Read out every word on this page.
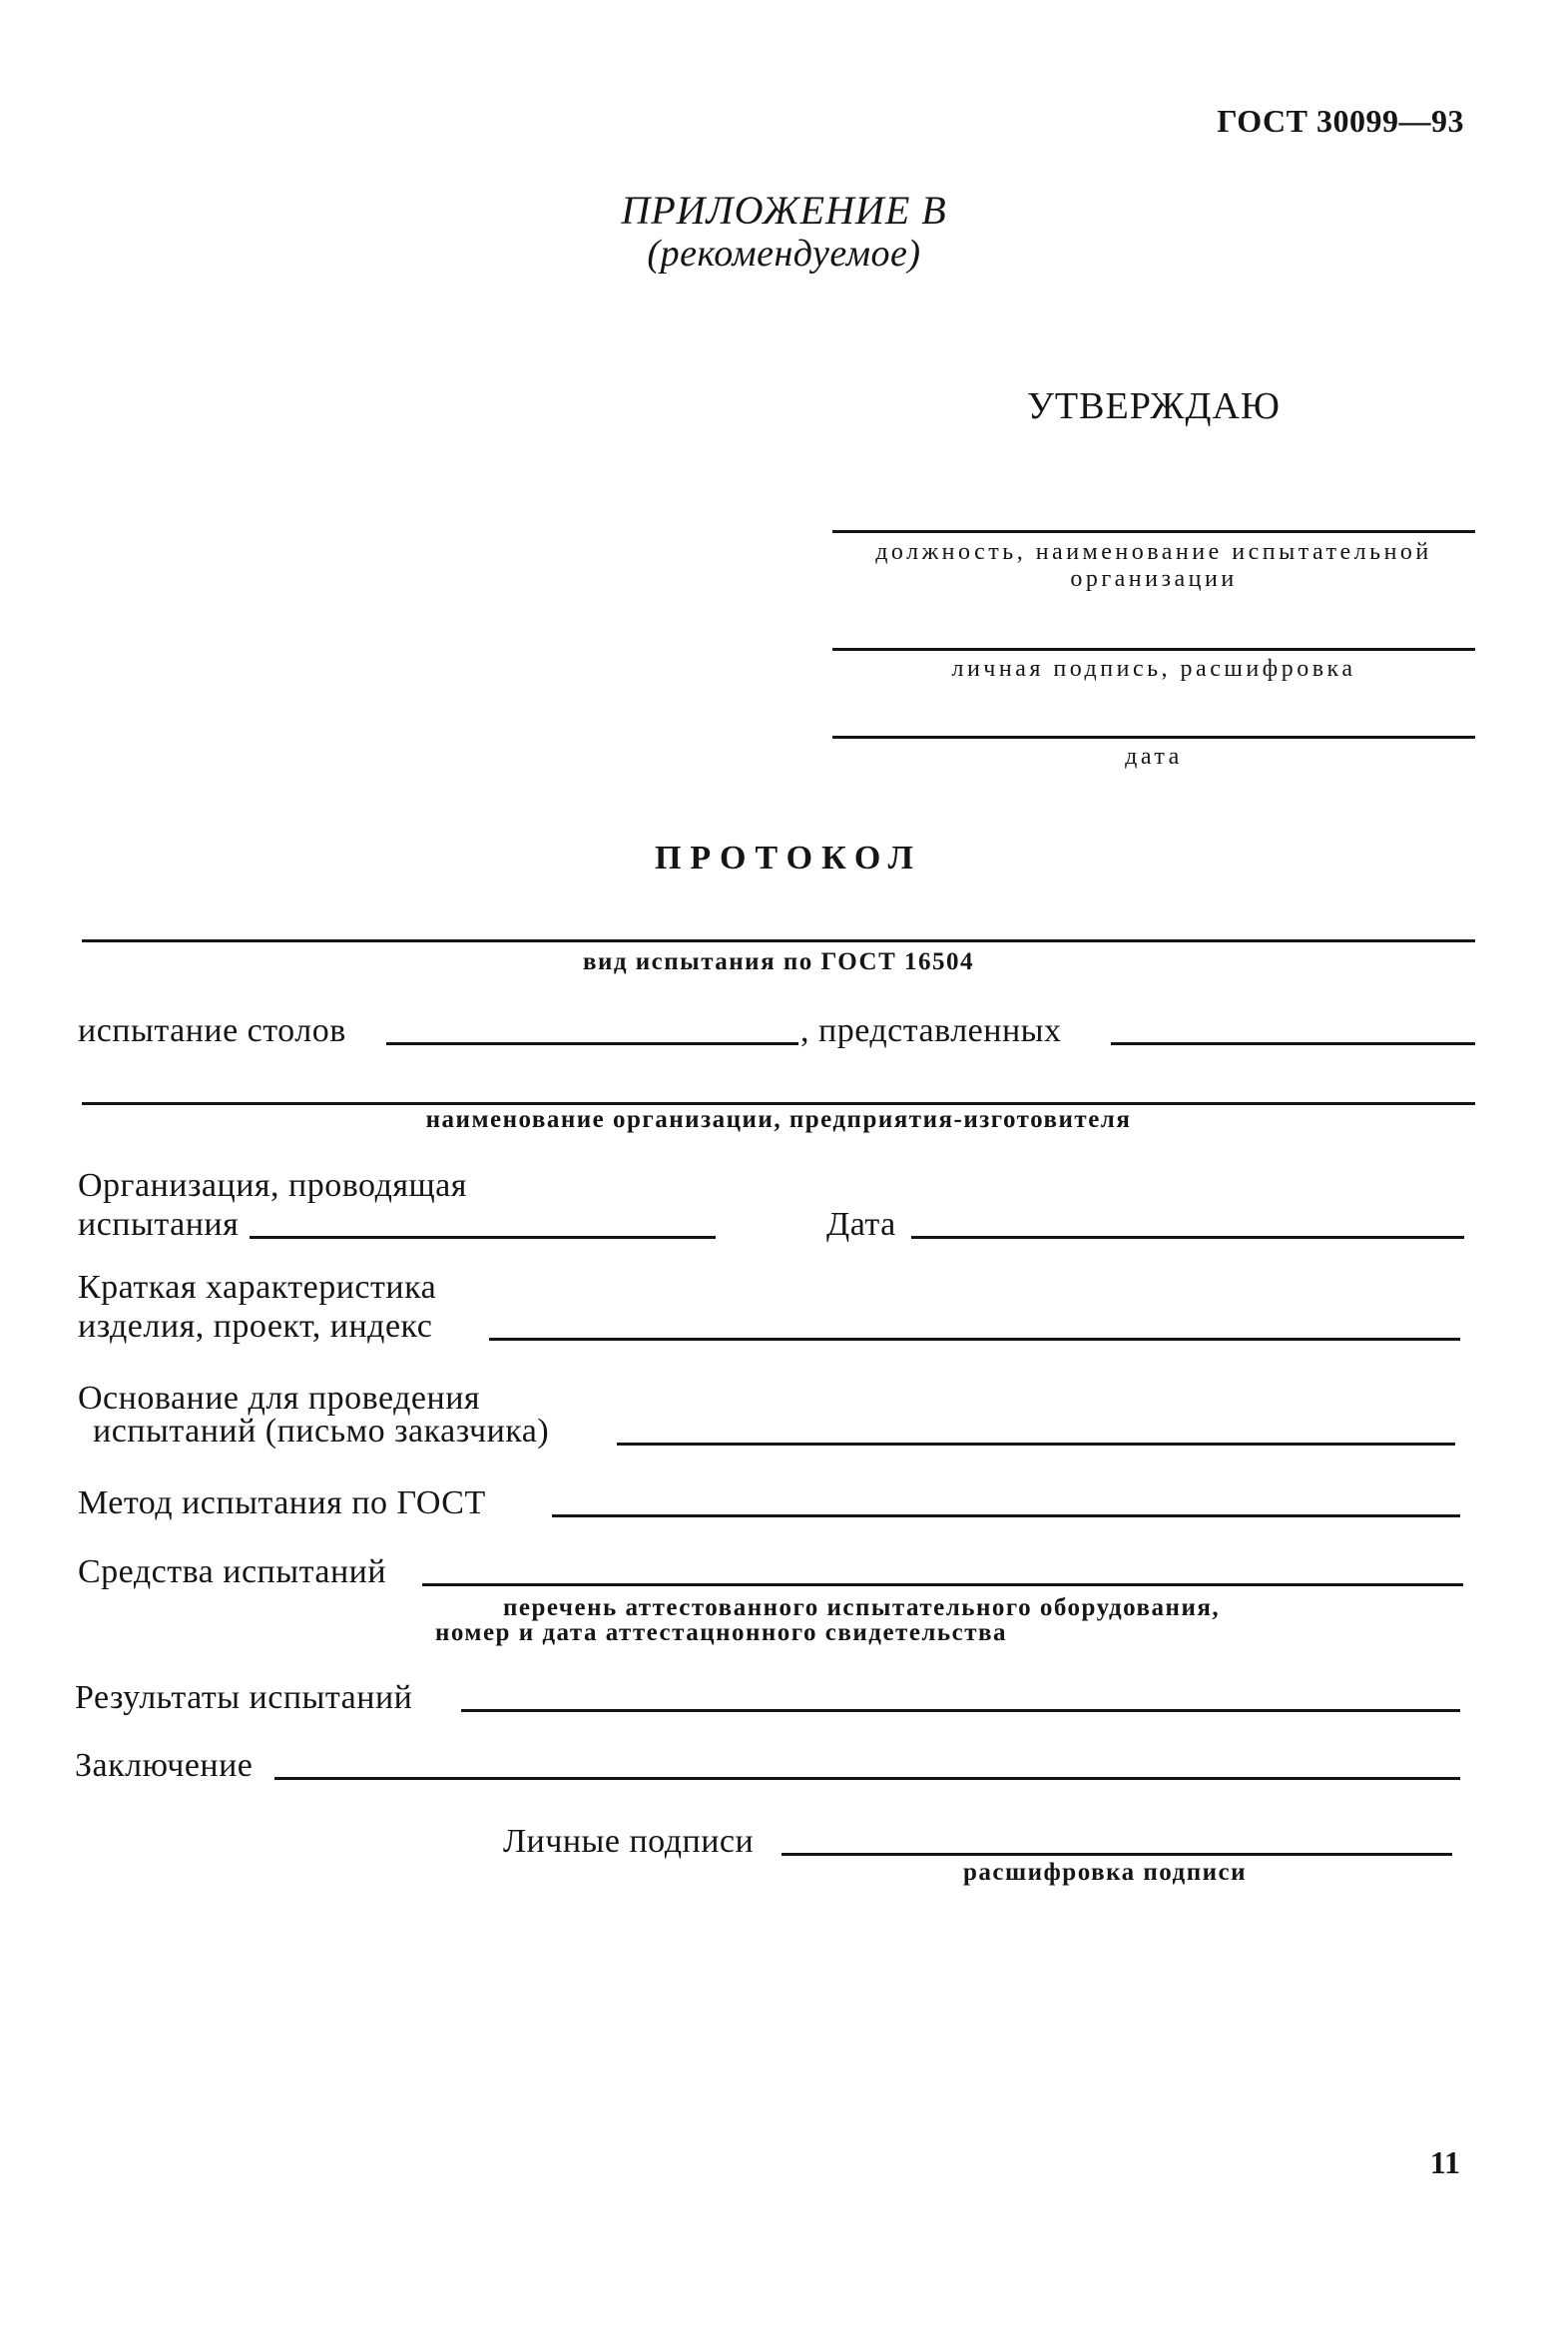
ГОСТ 30099—93
ПРИЛОЖЕНИЕ В
(рекомендуемое)
УТВЕРЖДАЮ
должность, наименование испытательной
организации
личная подпись, расшифровка
дата
ПРОТОКОЛ
вид испытания по ГОСТ 16504
испытание столов	, представленных
наименование организации, предприятия-изготовителя
Организация, проводящая
испытания	Дата
Краткая характеристика
изделия, проект, индекс
Основание для проведения
испытаний (письмо заказчика)
Метод испытания по ГОСТ
Средства испытаний
перечень аттестованного испытательного оборудования,
номер и дата аттестацнонного свидетельства
Результаты испытаний
Заключение
Личные подписи
расшифровка подписи
11
